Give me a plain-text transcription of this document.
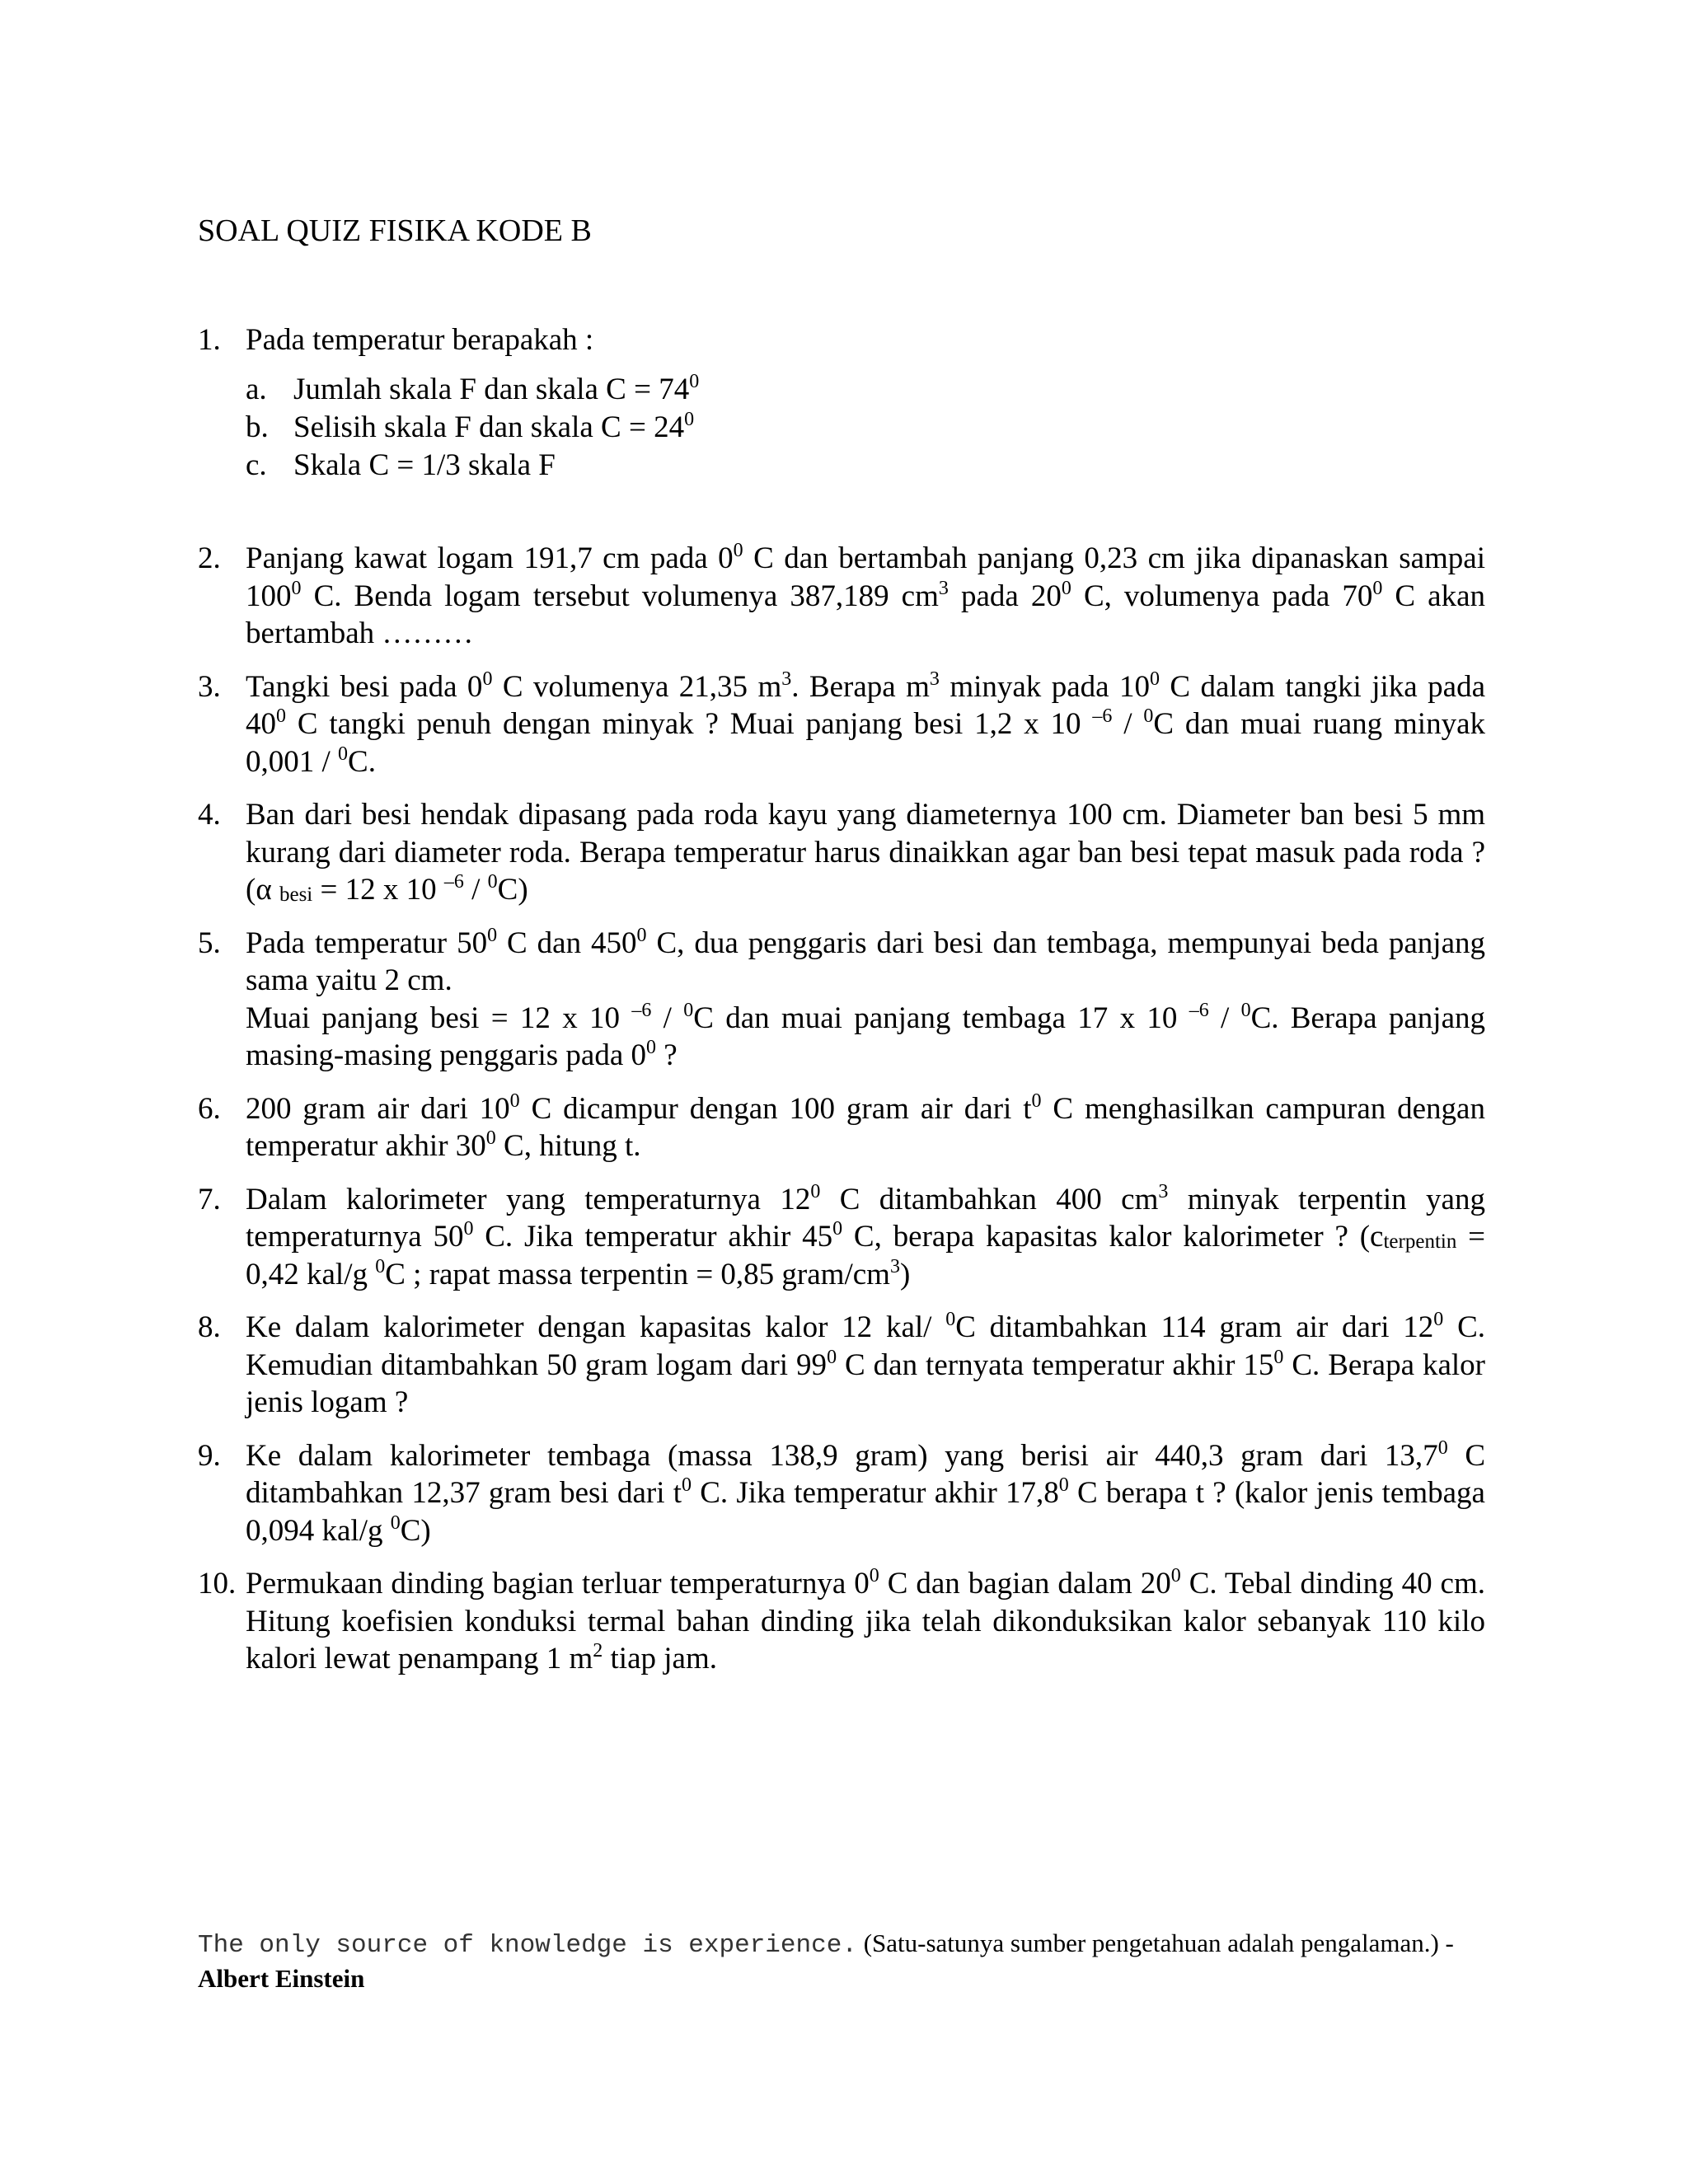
SOAL QUIZ FISIKA KODE B
1. Pada temperatur berapakah :
a. Jumlah skala F dan skala $C = 74^0$
b. Selisih skala F dan skala $C = 24^0$
c. Skala C = 1/3 skala F
2. Panjang kawat logam 191,7 cm pada $0^0$ C dan bertambah panjang 0,23 cm jika dipanaskan sampai $100^0$ C. Benda logam tersebut volumenya 387,189 $cm^3$ pada $20^0$ C, volumenya pada $70^0$ C akan bertambah ………
3. Tangki besi pada $0^0$ C volumenya 21,35 $m^3$. Berapa $m^3$ minyak pada $10^0$ C dalam tangki jika pada $40^0$ C tangki penuh dengan minyak ? Muai panjang besi 1,2 x 10 $^{-6}$ / $^0$C dan muai ruang minyak 0,001 / $^0$C.
4. Ban dari besi hendak dipasang pada roda kayu yang diameternya 100 cm. Diameter ban besi 5 mm kurang dari diameter roda. Berapa temperatur harus dinaikkan agar ban besi tepat masuk pada roda ? (α $_{besi}$ = 12 x 10 $^{-6}$ / $^0$C)
5. Pada temperatur $50^0$ C dan $450^0$ C, dua penggaris dari besi dan tembaga, mempunyai beda panjang sama yaitu 2 cm.
Muai panjang besi = 12 x 10 $^{-6}$ / $^0$C dan muai panjang tembaga 17 x 10 $^{-6}$ / $^0$C. Berapa panjang masing-masing penggaris pada $0^0$ ?
6. 200 gram air dari $10^0$ C dicampur dengan 100 gram air dari $t^0$ C menghasilkan campuran dengan temperatur akhir $30^0$ C, hitung t.
7. Dalam kalorimeter yang temperaturnya $12^0$ C ditambahkan 400 $cm^3$ minyak terpentin yang temperaturnya $50^0$ C. Jika temperatur akhir $45^0$ C, berapa kapasitas kalor kalorimeter ? ($c_{terpentin} = 0,42$ kal/g $^0$C ; rapat massa terpentin = 0,85 gram/$cm^3$)
8. Ke dalam kalorimeter dengan kapasitas kalor 12 kal/ $^0$C ditambahkan 114 gram air dari $12^0$ C. Kemudian ditambahkan 50 gram logam dari $99^0$ C dan ternyata temperatur akhir $15^0$ C. Berapa kalor jenis logam ?
9. Ke dalam kalorimeter tembaga (massa 138,9 gram) yang berisi air 440,3 gram dari 13,7$^0$ C ditambahkan 12,37 gram besi dari $t^0$ C. Jika temperatur akhir 17,8$^0$ C berapa t ? (kalor jenis tembaga 0,094 kal/g $^0$C)
10. Permukaan dinding bagian terluar temperaturnya $0^0$ C dan bagian dalam $20^0$ C. Tebal dinding 40 cm. Hitung koefisien konduksi termal bahan dinding jika telah dikonduksikan kalor sebanyak 110 kilo kalori lewat penampang 1 $m^2$ tiap jam.
The only source of knowledge is experience. (Satu-satunya sumber pengetahuan adalah pengalaman.) - Albert Einstein
